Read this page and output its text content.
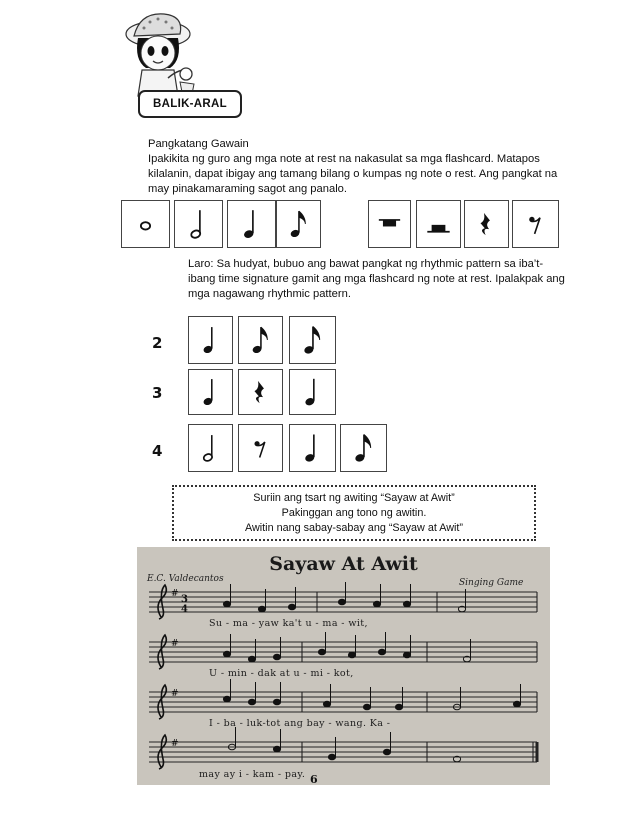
BALIK-ARAL
Pangkatang Gawain
Ipakikita ng guro ang mga note at rest na nakasulat sa mga flashcard. Matapos kilalanin, dapat ibigay ang tamang bilang o kumpas ng note o rest. Ang pangkat na may pinakamaraming sagot ang panalo.
Laro: Sa hudyat, bubuo ang bawat pangkat ng rhythmic pattern sa iba’t-ibang time signature gamit ang mga flashcard ng note at rest. Ipalakpak ang mga nagawang rhythmic pattern.
2
3
4
Suriin ang tsart ng awiting “Sayaw at Awit”
Pakinggan ang tono ng awitin.
Awitin nang sabay-sabay ang “Sayaw at Awit”
Sayaw At Awit
E.C. Valdecantos	Singing Game
#
#
#
#
3
4
Su - ma - yaw ka't u - ma - wit,
U - min - dak at u - mi - kot,
I - ba - luk-tot ang bay - wang. Ka -
may ay i - kam - pay. 6
